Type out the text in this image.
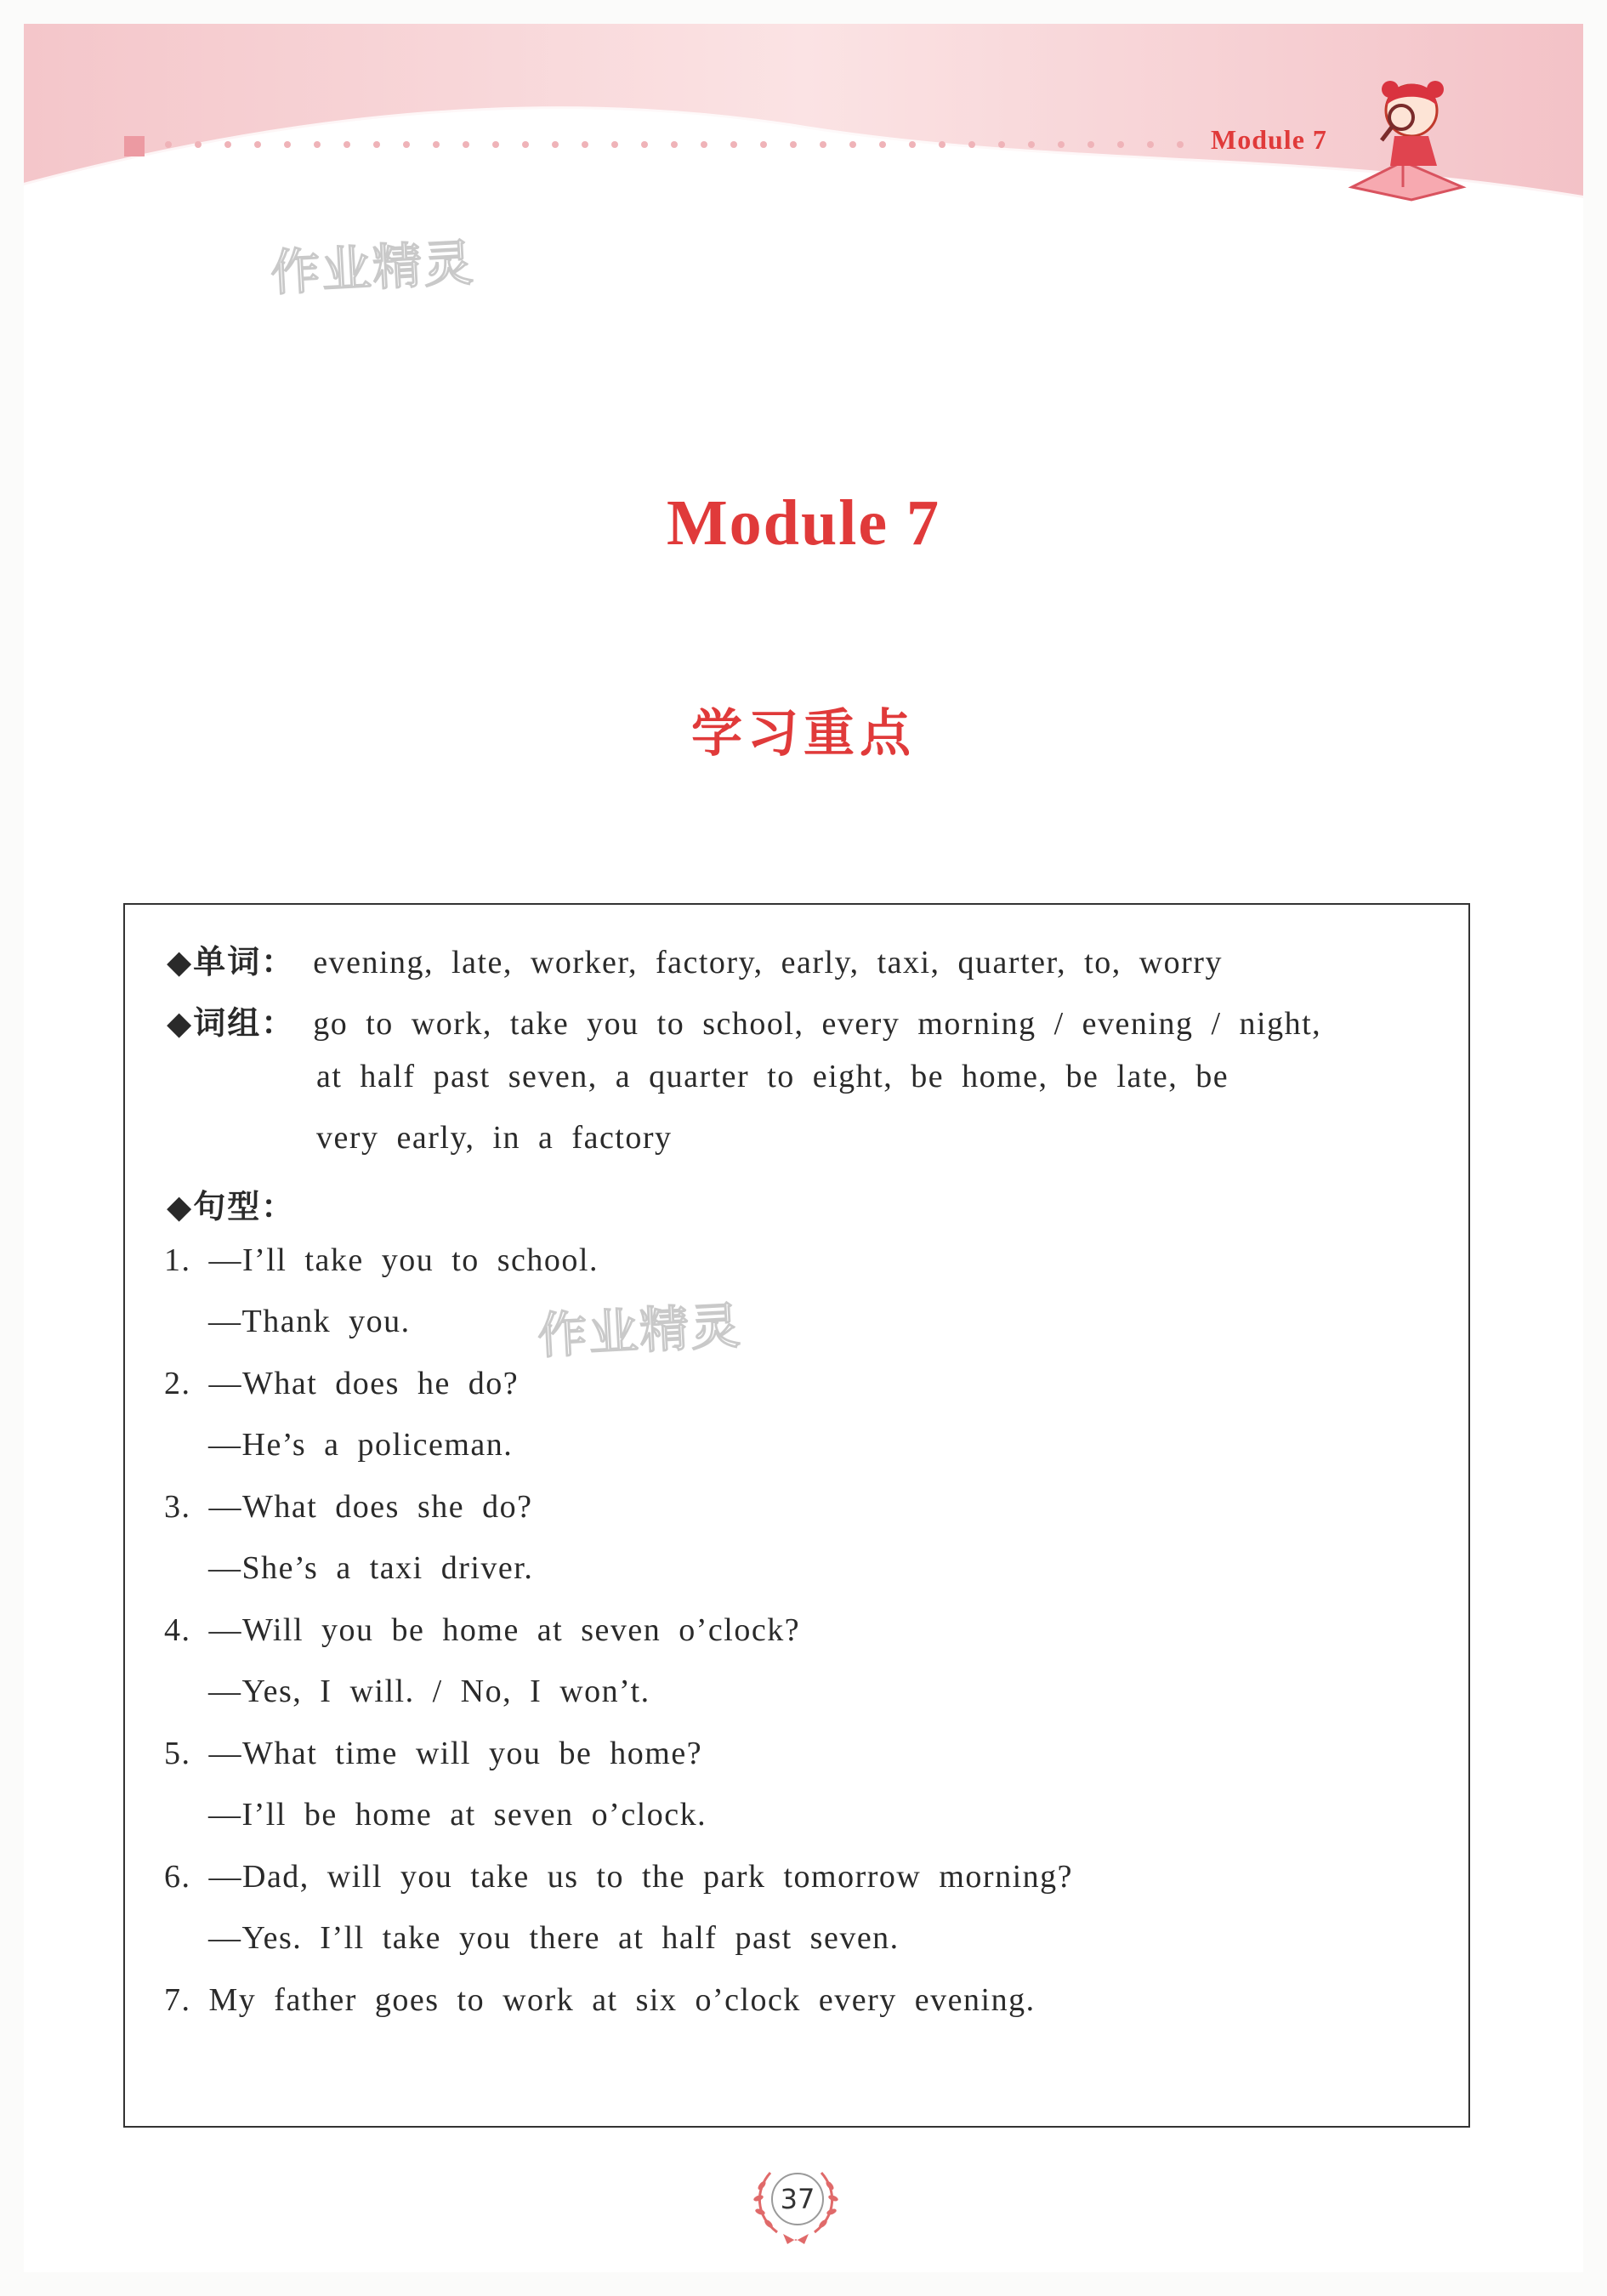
Module 7
作业精灵
作业精灵
Module 7
学习重点
◆单词： evening, late, worker, factory, early, taxi, quarter, to, worry
◆词组： go to work, take you to school, every morning / evening / night,
at half past seven, a quarter to eight, be home, be late, be
very early, in a factory
◆句型：
1. —I’ll take you to school.
—Thank you.
2. —What does he do?
—He’s a policeman.
3. —What does she do?
—She’s a taxi driver.
4. —Will you be home at seven o’clock?
—Yes, I will. / No, I won’t.
5. —What time will you be home?
—I’ll be home at seven o’clock.
6. —Dad, will you take us to the park tomorrow morning?
—Yes. I’ll take you there at half past seven.
7. My father goes to work at six o’clock every evening.
37
